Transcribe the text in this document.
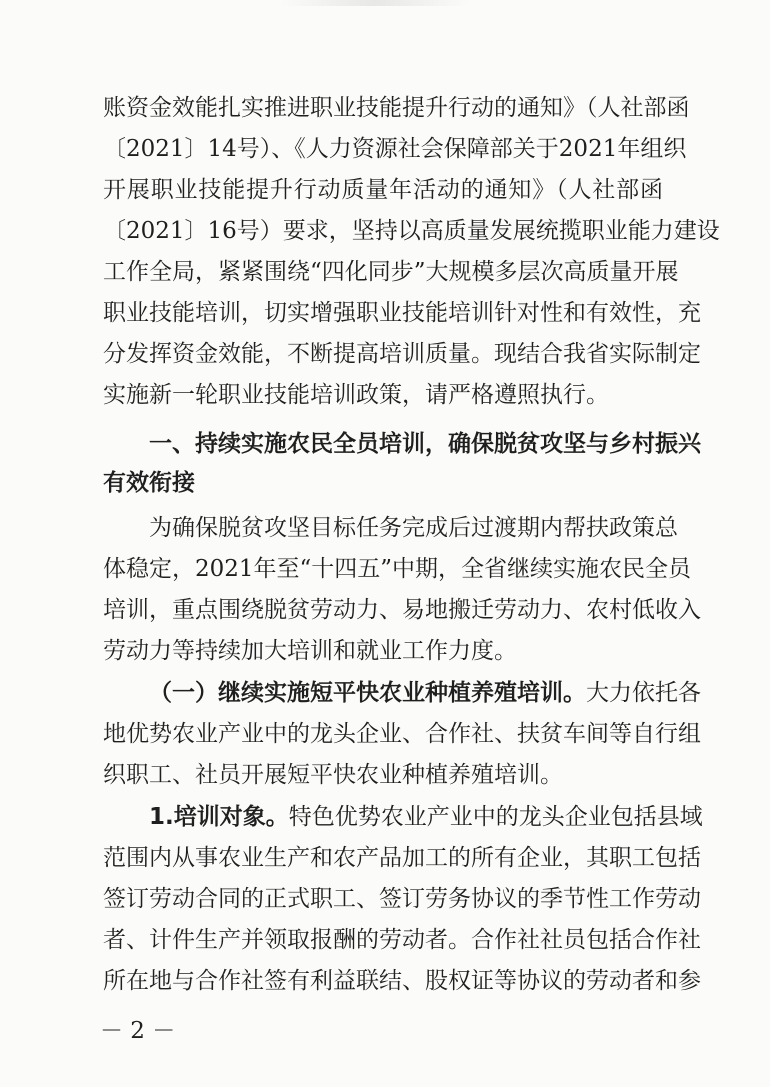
账资金效能扎实推进职业技能提升行动的通知》（人社部函
〔2021〕14号）、《人力资源社会保障部关于2021年组织
开展职业技能提升行动质量年活动的通知》（人社部函
〔2021〕16号）要求，坚持以高质量发展统揽职业能力建设
工作全局，紧紧围绕“四化同步”大规模多层次高质量开展
职业技能培训，切实增强职业技能培训针对性和有效性，充
分发挥资金效能，不断提高培训质量。现结合我省实际制定
实施新一轮职业技能培训政策，请严格遵照执行。
一、持续实施农民全员培训，确保脱贫攻坚与乡村振兴
有效衔接
为确保脱贫攻坚目标任务完成后过渡期内帮扶政策总
体稳定，2021年至“十四五”中期，全省继续实施农民全员
培训，重点围绕脱贫劳动力、易地搬迁劳动力、农村低收入
劳动力等持续加大培训和就业工作力度。
（一）继续实施短平快农业种植养殖培训。大力依托各
地优势农业产业中的龙头企业、合作社、扶贫车间等自行组
织职工、社员开展短平快农业种植养殖培训。
1.培训对象。特色优势农业产业中的龙头企业包括县域
范围内从事农业生产和农产品加工的所有企业，其职工包括
签订劳动合同的正式职工、签订劳务协议的季节性工作劳动
者、计件生产并领取报酬的劳动者。合作社社员包括合作社
所在地与合作社签有利益联结、股权证等协议的劳动者和参
－ 2 －
